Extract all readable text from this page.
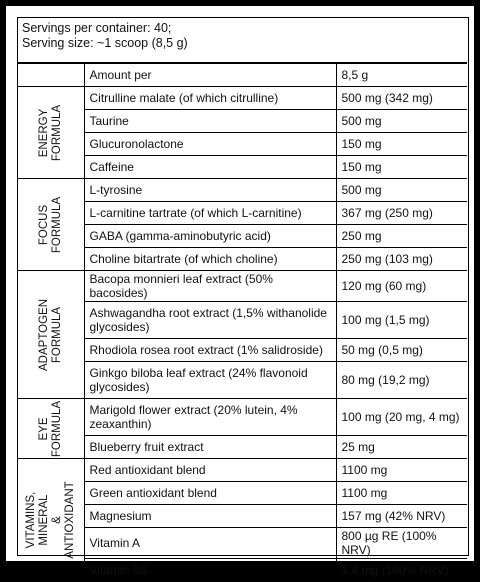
Servings per container: 40;
Serving size: ~1 scoop (8,5 g)
	Amount per	8,5 g

ENERGY
FORMULA	Citrulline malate (of which citrulline)	500 mg (342 mg)
	Taurine	500 mg
	Glucuronolactone	150 mg
	Caffeine	150 mg

FOCUS
FORMULA	L-tyrosine	500 mg
	L-carnitine tartrate (of which L-carnitine)	367 mg (250 mg)
	GABA (gamma-aminobutyric acid)	250 mg
	Choline bitartrate (of which choline)	250 mg (103 mg)

ADAPTOGEN
FORMULA	Bacopa monnieri leaf extract (50% bacosides)	120 mg (60 mg)
	Ashwagandha root extract (1,5% withanolide glycosides)	100 mg (1,5 mg)
	Rhodiola rosea root extract (1% salidroside)	50 mg (0,5 mg)
	Ginkgo biloba leaf extract (24% flavonoid glycosides)	80 mg (19,2 mg)

EYE
FORMULA	Marigold flower extract (20% lutein, 4% zeaxanthin)	100 mg (20 mg, 4 mg)
	Blueberry fruit extract	25 mg

VITAMINS, MINERAL
& ANTIOXIDANT	Red antioxidant blend	1100 mg
	Green antioxidant blend	1100 mg
	Magnesium	157 mg (42% NRV)
	Vitamin A	800 µg RE (100% NRV)
	Vitamin B6	1,4 mg (100% NRV)
